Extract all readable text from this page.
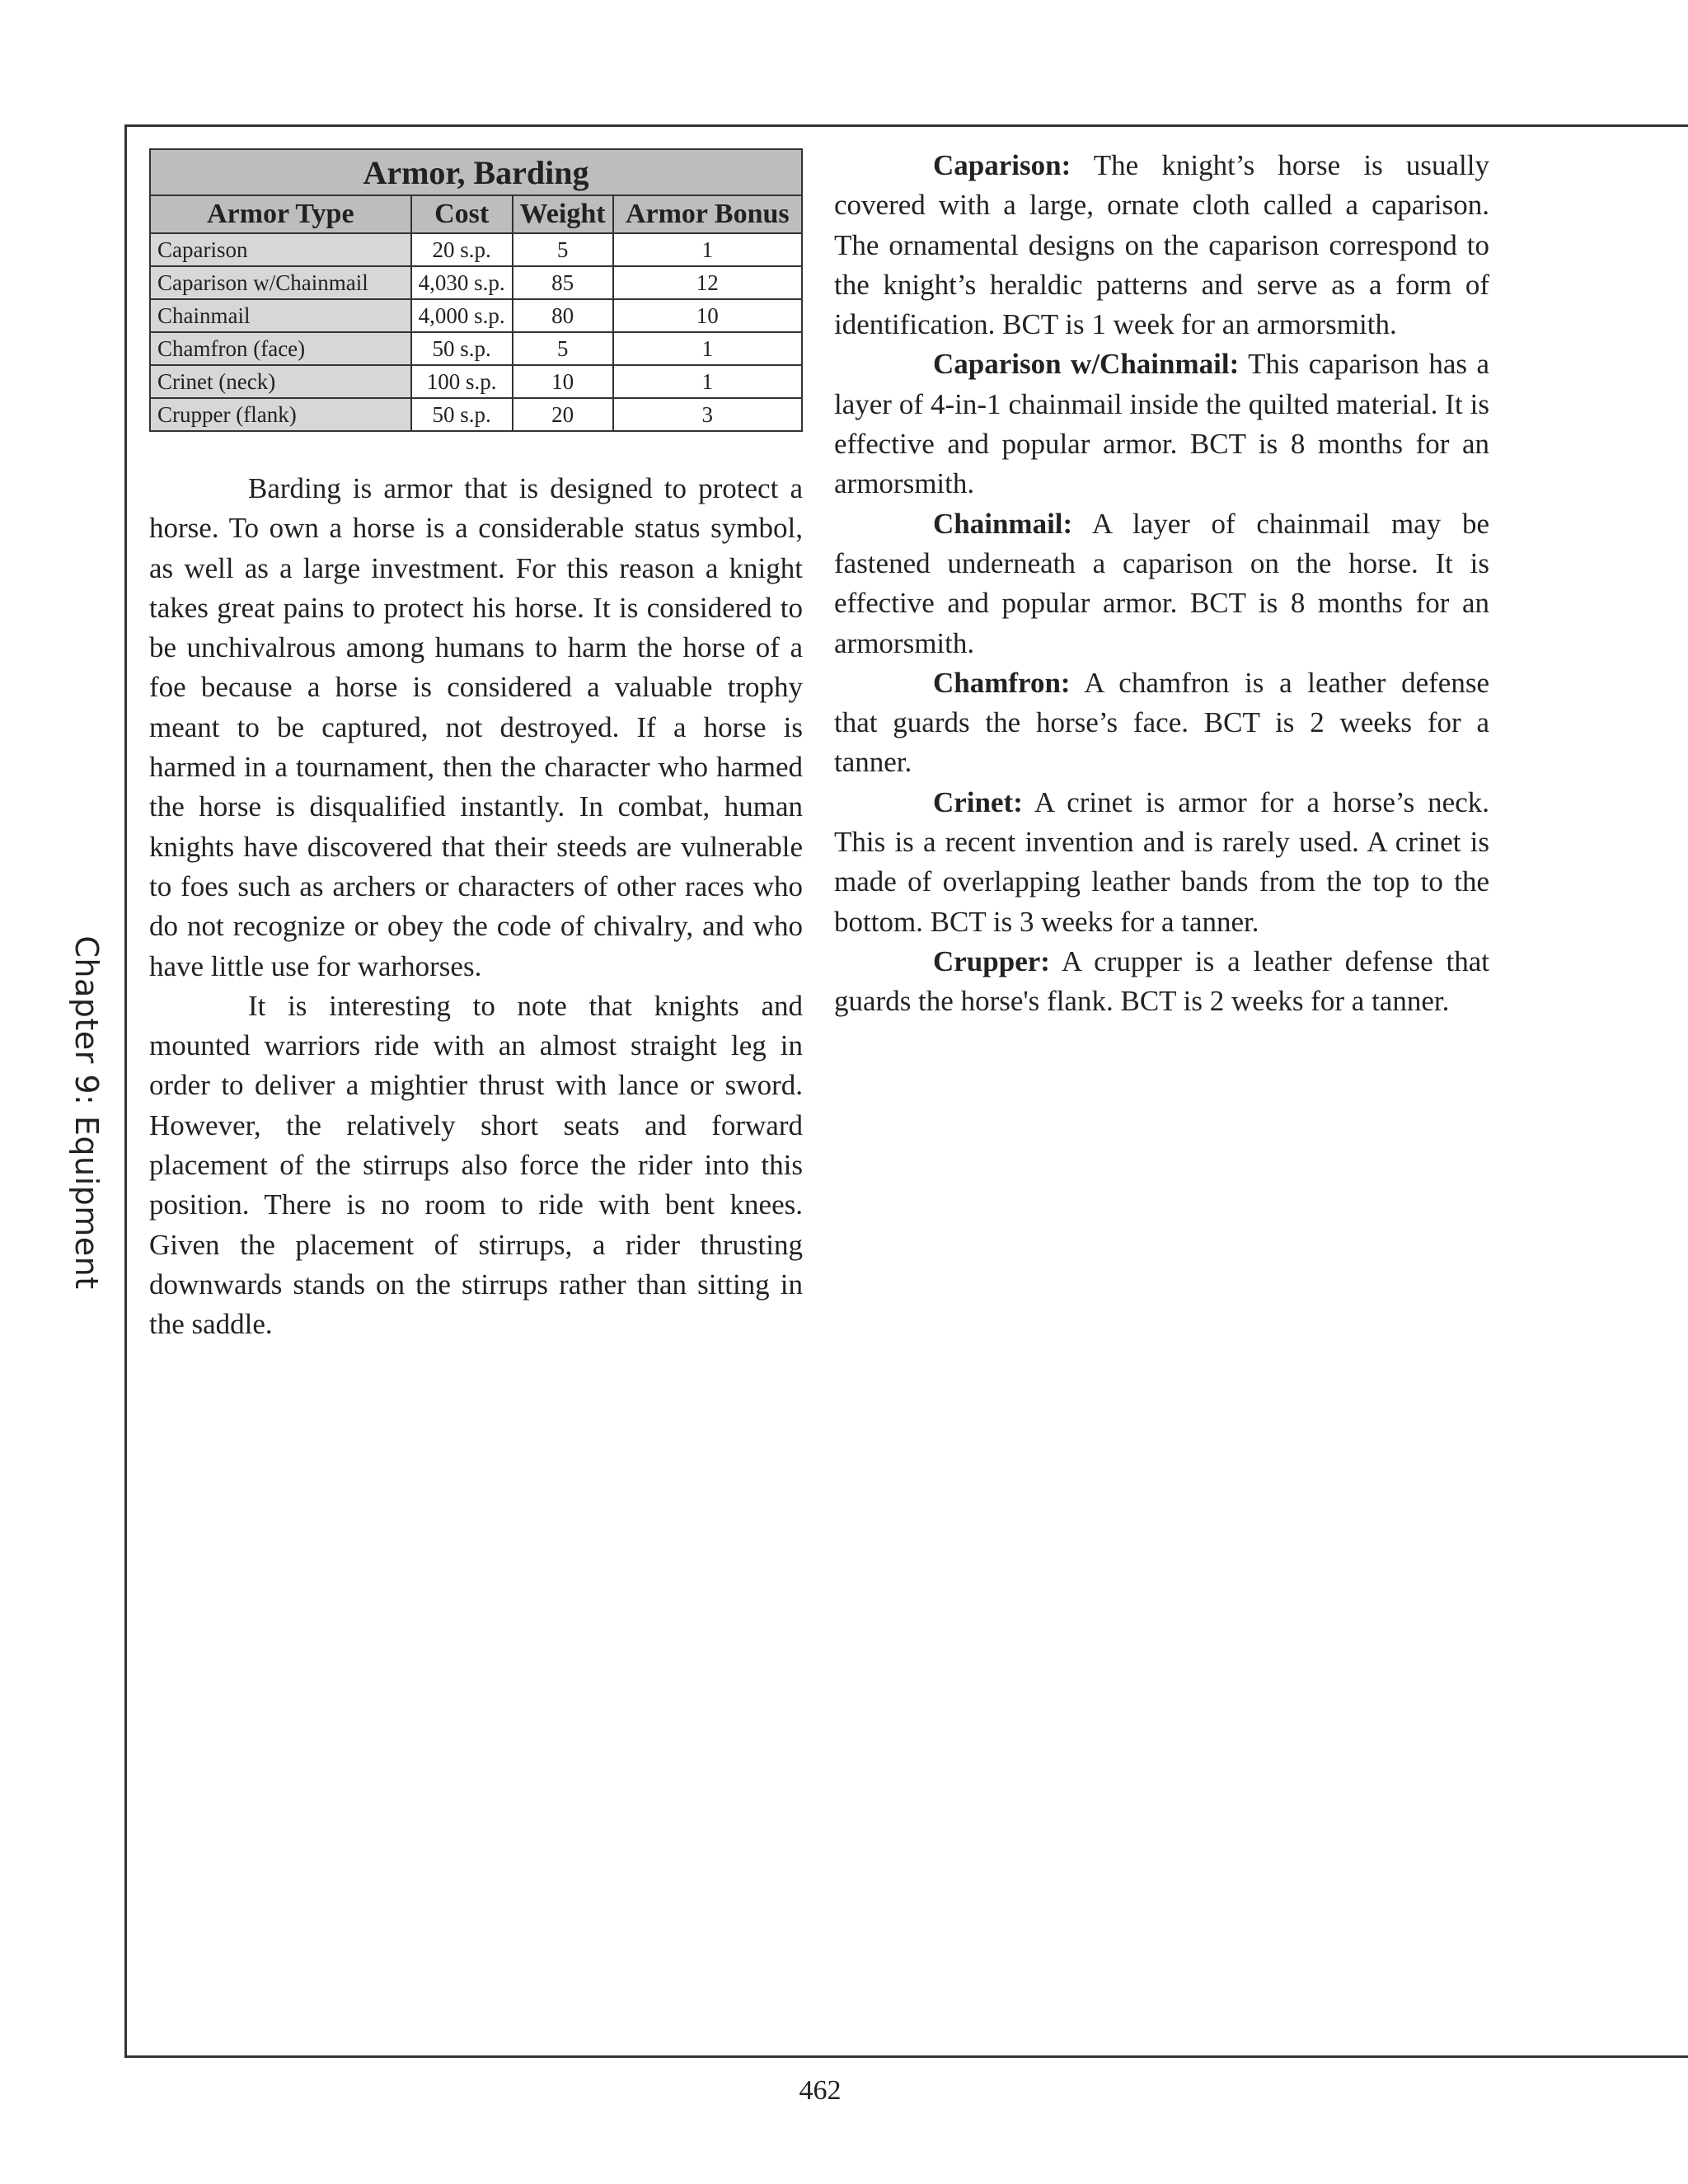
Chapter 9: Equipment
Armor, Barding			
Armor Type	Cost	Weight	Armor Bonus
Caparison	20 s.p.	5	1
Caparison w/Chainmail	4,030 s.p.	85	12
Chainmail	4,000 s.p.	80	10
Chamfron (face)	50 s.p.	5	1
Crinet (neck)	100 s.p.	10	1
Crupper (flank)	50 s.p.	20	3

Barding is armor that is designed to protect a horse. To own a horse is a considerable status symbol, as well as a large investment. For this reason a knight takes great pains to protect his horse. It is considered to be unchivalrous among humans to harm the horse of a foe because a horse is considered a valuable trophy meant to be captured, not destroyed. If a horse is harmed in a tournament, then the character who harmed the horse is disqualified instantly. In combat, human knights have discovered that their steeds are vulnerable to foes such as archers or characters of other races who do not recognize or obey the code of chivalry, and who have little use for warhorses.

It is interesting to note that knights and mounted warriors ride with an almost straight leg in order to deliver a mightier thrust with lance or sword. However, the relatively short seats and forward placement of the stirrups also force the rider into this position. There is no room to ride with bent knees. Given the placement of stirrups, a rider thrusting downwards stands on the stirrups rather than sitting in the saddle.

Caparison: The knight’s horse is usually covered with a large, ornate cloth called a caparison. The ornamental designs on the caparison correspond to the knight’s heraldic patterns and serve as a form of identification. BCT is 1 week for an armorsmith.

Caparison w/Chainmail: This caparison has a layer of 4-in-1 chainmail inside the quilted material. It is effective and popular armor. BCT is 8 months for an armorsmith.

Chainmail: A layer of chainmail may be fastened underneath a caparison on the horse. It is effective and popular armor. BCT is 8 months for an armorsmith.

Chamfron: A chamfron is a leather defense that guards the horse’s face. BCT is 2 weeks for a tanner.

Crinet: A crinet is armor for a horse’s neck. This is a recent invention and is rarely used. A crinet is made of overlapping leather bands from the top to the bottom. BCT is 3 weeks for a tanner.

Crupper: A crupper is a leather defense that guards the horse's flank. BCT is 2 weeks for a tanner.

462
